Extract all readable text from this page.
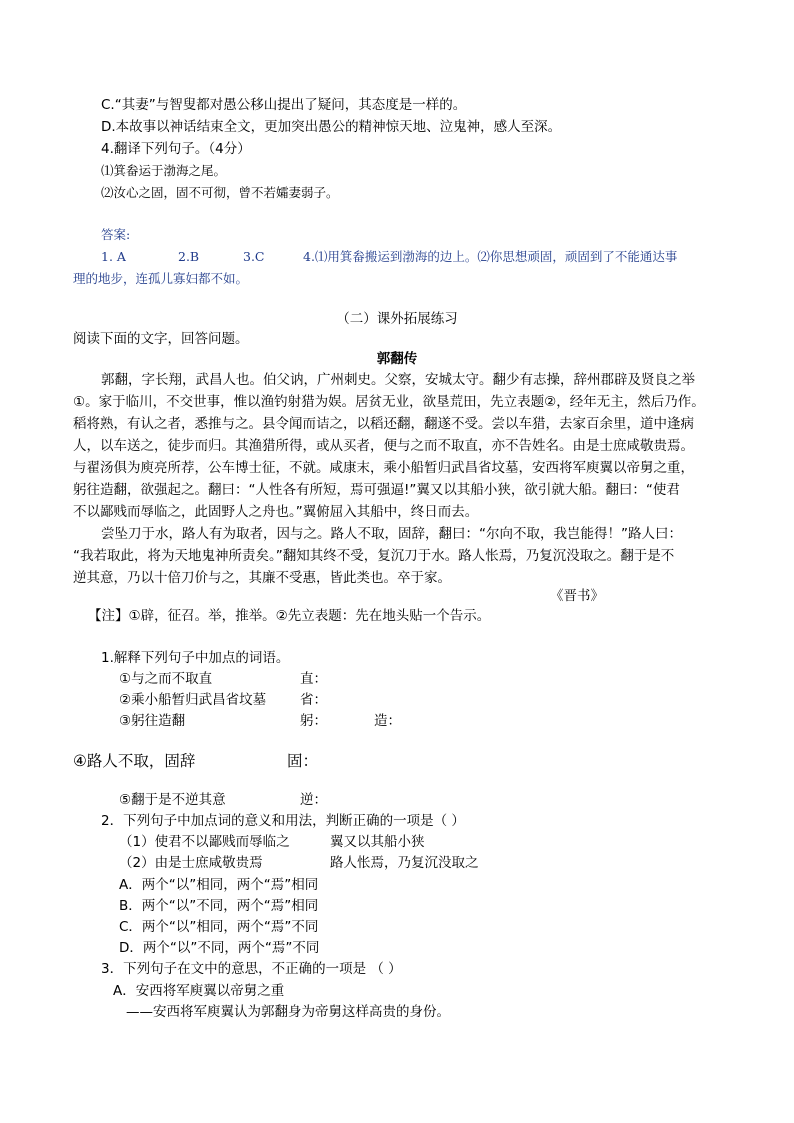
C.“其妻”与智叟都对愚公移山提出了疑问，其态度是一样的。
D.本故事以神话结束全文，更加突出愚公的精神惊天地、泣鬼神，感人至深。
4.翻译下列句子。（4分）
⑴箕畚运于渤海之尾。
⑵汝心之固，固不可彻，曾不若孀妻弱子。
答案:
1. A	2.B	3.C	4.⑴用箕畚搬运到渤海的边上。⑵你思想顽固，顽固到了不能通达事
理的地步，连孤儿寡妇都不如。
（二）课外拓展练习
阅读下面的文字，回答问题。
郭翻传
郭翻，字长翔，武昌人也。伯父讷，广州刺史。父察，安城太守。翻少有志操，辞州郡辟及贤良之举
①。家于临川，不交世事，惟以渔钓射猎为娱。居贫无业，欲垦荒田，先立表题②，经年无主，然后乃作。
稻将熟，有认之者，悉推与之。县令闻而诘之，以稻还翻，翻遂不受。尝以车猎，去家百余里，道中逢病
人，以车送之，徒步而归。其渔猎所得，或从买者，便与之而不取直，亦不告姓名。由是士庶咸敬贵焉。
与翟汤俱为庾亮所荐，公车博士征，不就。咸康末，乘小船暂归武昌省坟墓，安西将军庾翼以帝舅之重，
躬往造翻，欲强起之。翻曰：“人性各有所短，焉可强逼!”翼又以其船小狭，欲引就大船。翻曰：“使君
不以鄙贱而辱临之，此固野人之舟也。”翼俯屈入其船中，终日而去。
尝坠刀于水，路人有为取者，因与之。路人不取，固辞，翻曰：“尔向不取，我岂能得！”路人曰：
“我若取此，将为天地鬼神所责矣。”翻知其终不受，复沉刀于水。路人怅焉，乃复沉没取之。翻于是不
逆其意，乃以十倍刀价与之，其廉不受惠，皆此类也。卒于家。
《晋书》
【注】①辟，征召。举，推举。②先立表题：先在地头贴一个告示。
1.解释下列句子中加点的词语。
①与之而不取直	直：
②乘小船暂归武昌省坟墓	省：
③躬往造翻	躬：	造：
④路人不取，固辞	固：
⑤翻于是不逆其意	逆：
2．下列句子中加点词的意义和用法，判断正确的一项是（ ）
（1）使君不以鄙贱而辱临之	翼又以其船小狭
（2）由是士庶咸敬贵焉	路人怅焉，乃复沉没取之
A．两个“以”相同，两个“焉”相同
B．两个“以”不同，两个“焉”相同
C．两个“以”相同，两个“焉”不同
D．两个“以”不同，两个“焉”不同
3．下列句子在文中的意思，不正确的一项是 （ ）
A．安西将军庾翼以帝舅之重
——安西将军庾翼认为郭翻身为帝舅这样高贵的身份。
